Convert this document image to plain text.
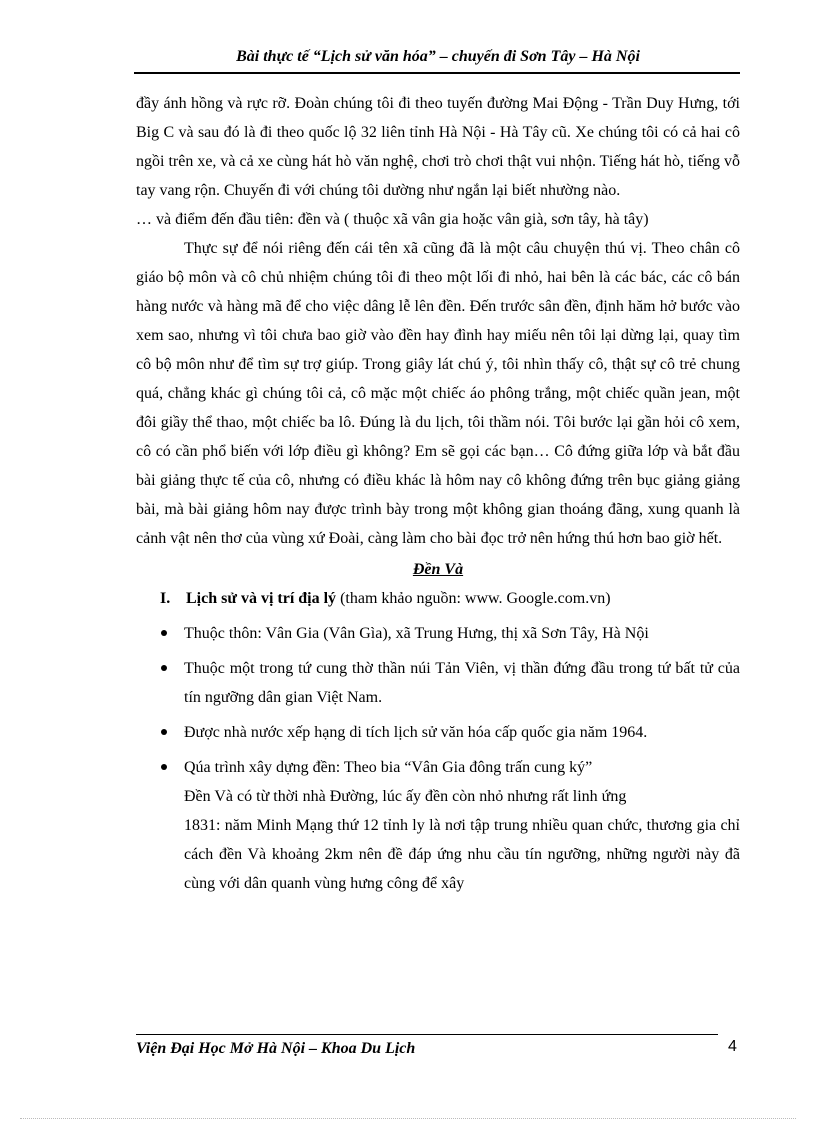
Bài thực tế “Lịch sử văn hóa” – chuyến đi Sơn Tây – Hà Nội

đầy ánh hồng và rực rỡ. Đoàn chúng tôi đi theo tuyến đường Mai Động - Trần Duy Hưng, tới Big C và sau đó là đi theo quốc lộ 32 liên tỉnh Hà Nội - Hà Tây cũ. Xe chúng tôi có cả hai cô ngồi trên xe, và cả xe cùng hát hò văn nghệ, chơi trò chơi thật vui nhộn. Tiếng hát hò, tiếng vỗ tay vang rộn. Chuyến đi với chúng tôi dường như ngắn lại biết nhường nào.

… và điểm đến đầu tiên: đền và ( thuộc xã vân gia hoặc vân già, sơn tây, hà tây)

Thực sự để nói riêng đến cái tên xã cũng đã là một câu chuyện thú vị. Theo chân cô giáo bộ môn và cô chủ nhiệm chúng tôi đi theo một lối đi nhỏ, hai bên là các bác, các cô bán hàng nước và hàng mã để cho việc dâng lễ lên đền. Đến trước sân đền, định hăm hở bước vào xem sao, nhưng vì tôi chưa bao giờ vào đền hay đình hay miếu nên tôi lại dừng lại, quay tìm cô bộ môn như để tìm sự trợ giúp. Trong giây lát chú ý, tôi nhìn thấy cô, thật sự cô trẻ chung quá, chẳng khác gì chúng tôi cả, cô mặc một chiếc áo phông trắng, một chiếc quần jean, một đôi giầy thể thao, một chiếc ba lô. Đúng là du lịch, tôi thầm nói. Tôi bước lại gần hỏi cô xem, cô có cần phổ biến với lớp điều gì không? Em sẽ gọi các bạn… Cô đứng giữa lớp và bắt đầu bài giảng thực tế của cô, nhưng có điều khác là hôm nay cô không đứng trên bục giảng giảng bài, mà bài giảng hôm nay được trình bày trong một không gian thoáng đãng, xung quanh là cảnh vật nên thơ của vùng xứ Đoài, càng làm cho bài đọc trở nên hứng thú hơn bao giờ hết.

Đền Và
I. Lịch sử và vị trí địa lý (tham khảo nguồn: www. Google.com.vn)

Thuộc thôn: Vân Gia (Vân Gìa), xã Trung Hưng, thị xã Sơn Tây, Hà Nội

Thuộc một trong tứ cung thờ thần núi Tản Viên, vị thần đứng đầu trong tứ bất tử của tín ngưỡng dân gian Việt Nam.

Được nhà nước xếp hạng di tích lịch sử văn hóa cấp quốc gia năm 1964.

Qúa trình xây dựng đền: Theo bia “Vân Gia đông trấn cung ký”

Đền Và có từ thời nhà Đường, lúc ấy đền còn nhỏ nhưng rất linh ứng

1831: năm Minh Mạng thứ 12 tỉnh ly là nơi tập trung nhiều quan chức, thương gia chỉ cách đền Và khoảng 2km nên đề đáp ứng nhu cầu tín ngưỡng, những người này đã cùng với dân quanh vùng hưng công để xây

Viện Đại Học Mở Hà Nội – Khoa Du Lịch	4
